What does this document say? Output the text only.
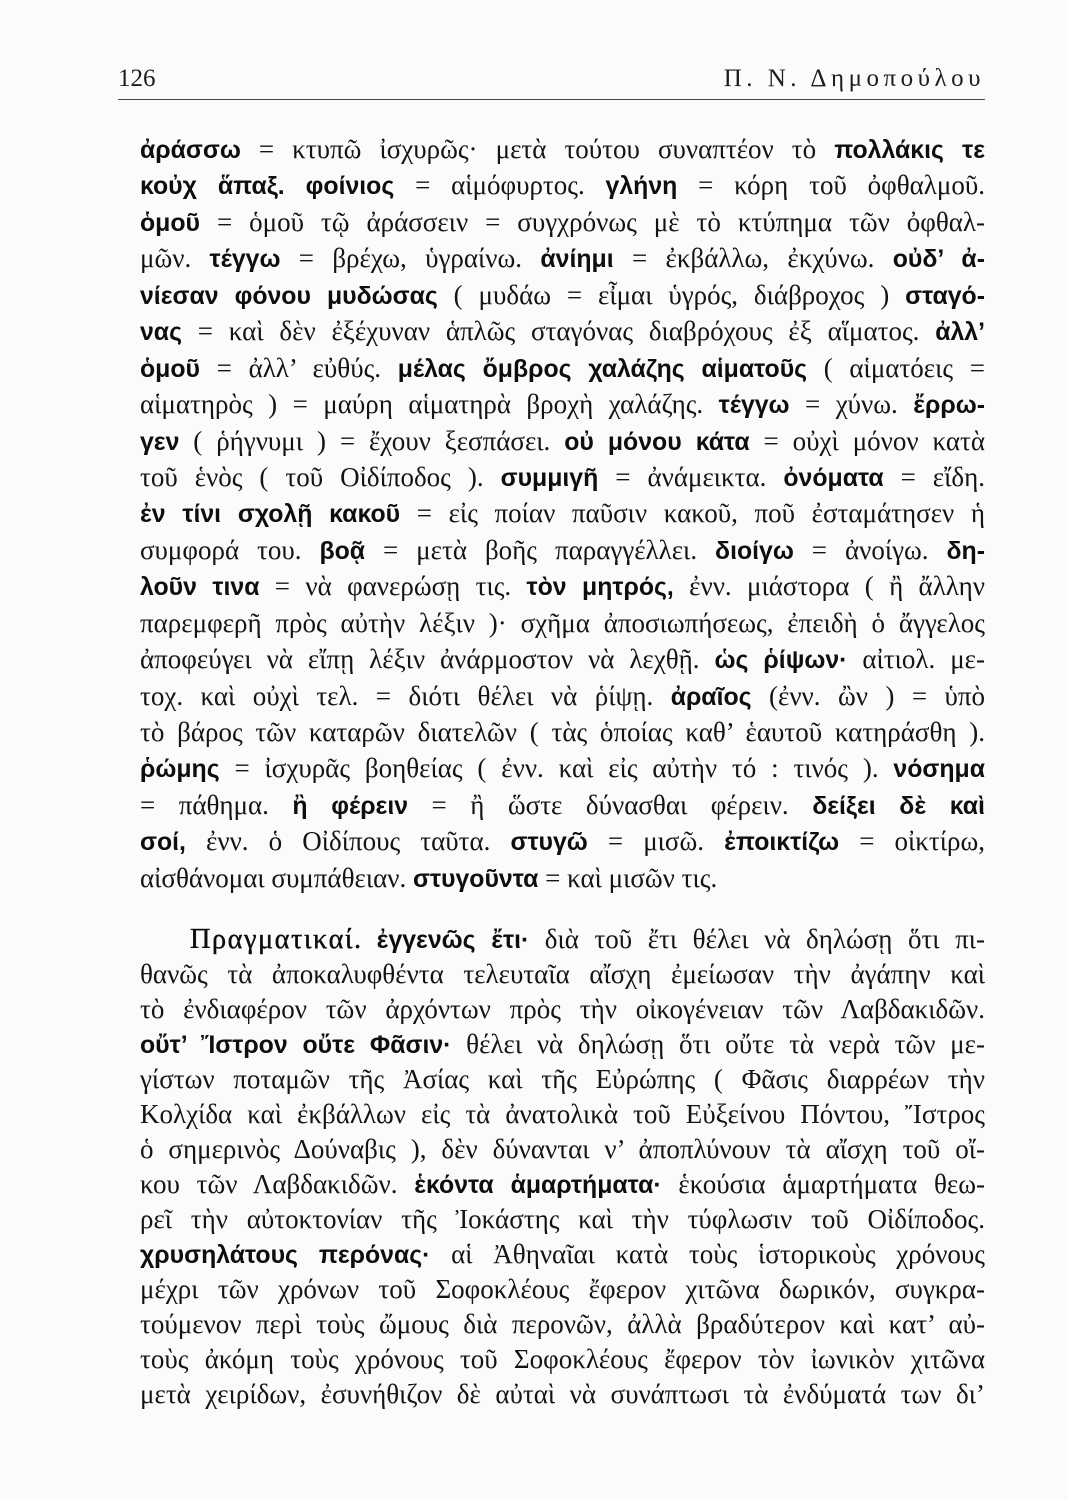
126	Π. Ν. Δημοπούλου
ἀράσσω = κτυπῶ ἰσχυρῶς· μετὰ τούτου συναπτέον τὸ πολλάκις τε
κοὐχ ἅπαξ. φοίνιος = αἱμόφυρτος. γλήνη = κόρη τοῦ ὀφθαλμοῦ.
ὁμοῦ = ὁμοῦ τῷ ἀράσσειν = συγχρόνως μὲ τὸ κτύπημα τῶν ὀφθαλ-
μῶν. τέγγω = βρέχω, ὑγραίνω. ἀνίημι = ἐκβάλλω, ἐκχύνω. οὐδ’ ἀ-
νίεσαν φόνου μυδώσας ( μυδάω = εἶμαι ὑγρός, διάβροχος ) σταγό-
νας = καὶ δὲν ἐξέχυναν ἁπλῶς σταγόνας διαβρόχους ἐξ αἵματος. ἀλλ’
ὁμοῦ = ἀλλ’ εὐθύς. μέλας ὄμβρος χαλάζης αἱματοῦς ( αἱματόεις =
αἱματηρὸς ) = μαύρη αἱματηρὰ βροχὴ χαλάζης. τέγγω = χύνω. ἔρρω-
γεν ( ῥήγνυμι ) = ἔχουν ξεσπάσει. οὐ μόνου κάτα = οὐχὶ μόνον κατὰ
τοῦ ἑνὸς ( τοῦ Οἰδίποδος ). συμμιγῆ = ἀνάμεικτα. ὀνόματα = εἴδη.
ἐν τίνι σχολῇ κακοῦ = εἰς ποίαν παῦσιν κακοῦ, ποῦ ἐσταμάτησεν ἡ
συμφορά του. βοᾷ = μετὰ βοῆς παραγγέλλει. διοίγω = ἀνοίγω. δη-
λοῦν τινα = νὰ φανερώσῃ τις. τὸν μητρός, ἐνν. μιάστορα ( ἢ ἄλλην
παρεμφερῆ πρὸς αὐτὴν λέξιν )· σχῆμα ἀποσιωπήσεως, ἐπειδὴ ὁ ἄγγελος
ἀποφεύγει νὰ εἴπῃ λέξιν ἀνάρμοστον νὰ λεχθῇ. ὡς ῥίψων· αἰτιολ. με-
τοχ. καὶ οὐχὶ τελ. = διότι θέλει νὰ ῥίψῃ. ἀραῖος (ἐνν. ὢν ) = ὑπὸ
τὸ βάρος τῶν καταρῶν διατελῶν ( τὰς ὁποίας καθ’ ἑαυτοῦ κατηράσθη ).
ῥώμης = ἰσχυρᾶς βοηθείας ( ἐνν. καὶ εἰς αὐτὴν τό : τινός ). νόσημα
= πάθημα. ἢ φέρειν = ἢ ὥστε δύνασθαι φέρειν. δείξει δὲ καὶ
σοί, ἐνν. ὁ Οἰδίπους ταῦτα. στυγῶ = μισῶ. ἐποικτίζω = οἰκτίρω,
αἰσθάνομαι συμπάθειαν. στυγοῦντα = καὶ μισῶν τις.
Πραγματικαί. ἐγγενῶς ἔτι· διὰ τοῦ ἔτι θέλει νὰ δηλώσῃ ὅτι πι-
θανῶς τὰ ἀποκαλυφθέντα τελευταῖα αἴσχη ἐμείωσαν τὴν ἀγάπην καὶ
τὸ ἐνδιαφέρον τῶν ἀρχόντων πρὸς τὴν οἰκογένειαν τῶν Λαβδακιδῶν.
οὔτ’ Ἴστρον οὔτε Φᾶσιν· θέλει νὰ δηλώσῃ ὅτι οὔτε τὰ νερὰ τῶν με-
γίστων ποταμῶν τῆς Ἀσίας καὶ τῆς Εὐρώπης ( Φᾶσις διαρρέων τὴν
Κολχίδα καὶ ἐκβάλλων εἰς τὰ ἀνατολικὰ τοῦ Εὐξείνου Πόντου, Ἴστρος
ὁ σημερινὸς Δούναβις ), δὲν δύνανται ν’ ἀποπλύνουν τὰ αἴσχη τοῦ οἴ-
κου τῶν Λαβδακιδῶν. ἑκόντα ἁμαρτήματα· ἑκούσια ἁμαρτήματα θεω-
ρεῖ τὴν αὐτοκτονίαν τῆς Ἰοκάστης καὶ τὴν τύφλωσιν τοῦ Οἰδίποδος.
χρυσηλάτους περόνας· αἱ Ἀθηναῖαι κατὰ τοὺς ἱστορικοὺς χρόνους
μέχρι τῶν χρόνων τοῦ Σοφοκλέους ἔφερον χιτῶνα δωρικόν, συγκρα-
τούμενον περὶ τοὺς ὤμους διὰ περονῶν, ἀλλὰ βραδύτερον καὶ κατ’ αὐ-
τοὺς ἀκόμη τοὺς χρόνους τοῦ Σοφοκλέους ἔφερον τὸν ἰωνικὸν χιτῶνα
μετὰ χειρίδων, ἐσυνήθιζον δὲ αὐταὶ νὰ συνάπτωσι τὰ ἐνδύματά των δι’
